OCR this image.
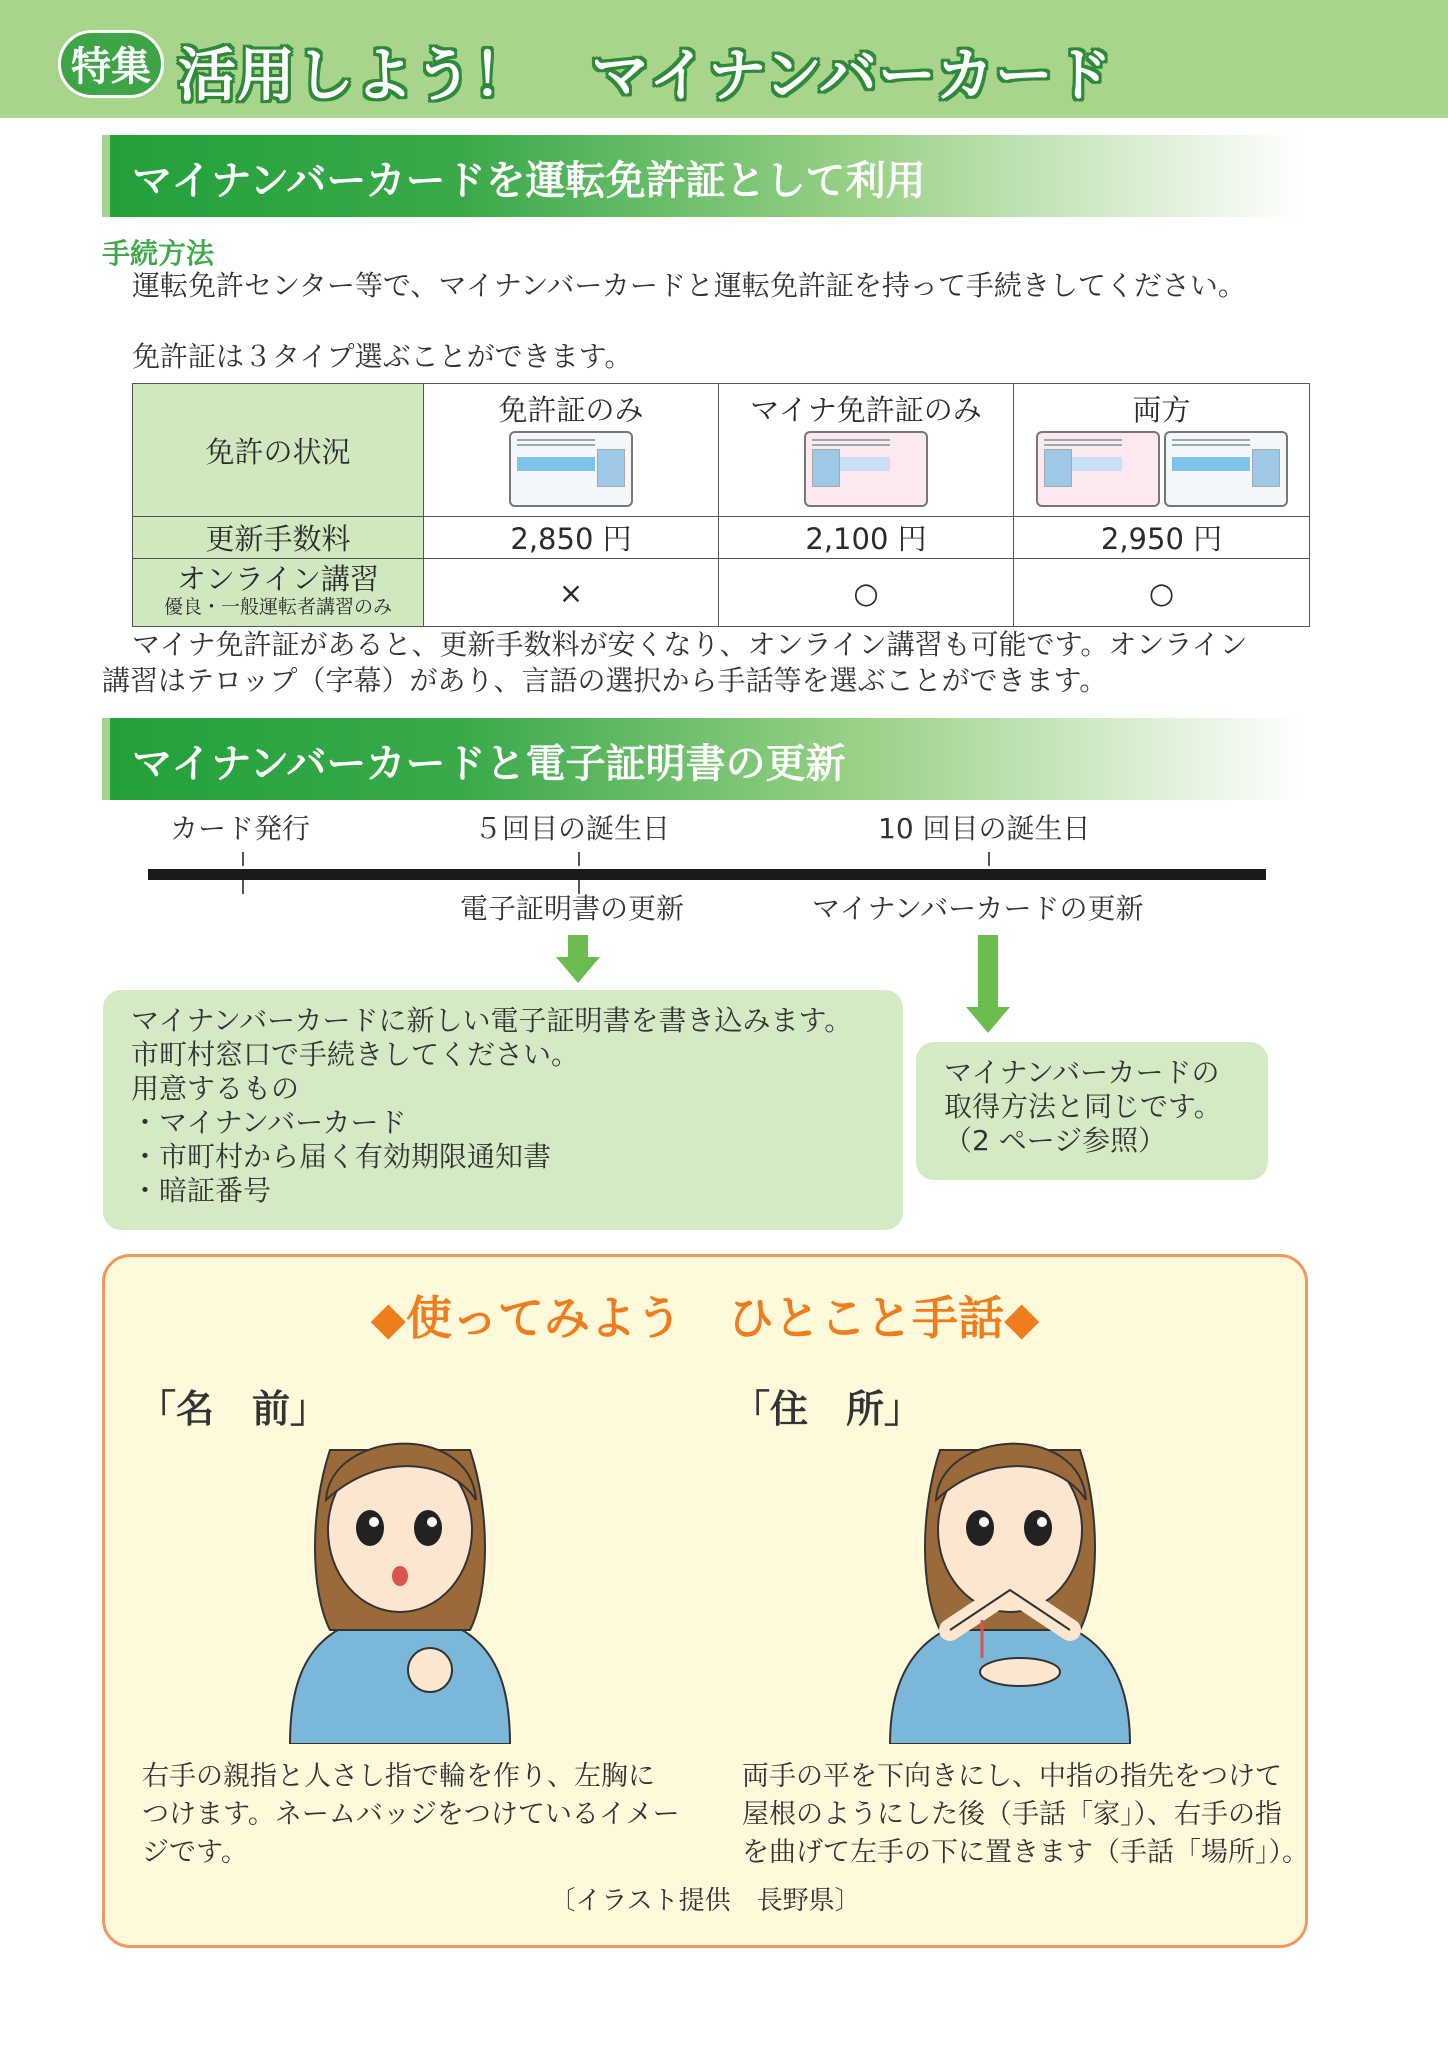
特集 活用しよう！　マイナンバーカード
マイナンバーカードを運転免許証として利用
手続方法
運転免許センター等で、マイナンバーカードと運転免許証を持って手続きしてください。
免許証は３タイプ選ぶことができます。
免許の状況	免許証のみ	マイナ免許証のみ	両方

更新手数料	2,850 円	2,100 円	2,950 円

オンライン講習
優良・一般運転者講習のみ	×	○	○
マイナ免許証があると、更新手数料が安くなり、オンライン講習も可能です。オンライン
講習はテロップ（字幕）があり、言語の選択から手話等を選ぶことができます。
マイナンバーカードと電子証明書の更新
カード発行	５回目の誕生日	10 回目の誕生日
電子証明書の更新	マイナンバーカードの更新
マイナンバーカードに新しい電子証明書を書き込みます。
市町村窓口で手続きしてください。
用意するもの
・マイナンバーカード
・市町村から届く有効期限通知書
・暗証番号
マイナンバーカードの
取得方法と同じです。
（2 ページ参照）
◆使ってみよう　ひとこと手話◆
「名　前」	「住　所」
右手の親指と人さし指で輪を作り、左胸に
つけます。ネームバッジをつけているイメー
ジです。
両手の平を下向きにし、中指の指先をつけて
屋根のようにした後（手話「家」）、右手の指
を曲げて左手の下に置きます（手話「場所」）。
〔イラスト提供　長野県〕
